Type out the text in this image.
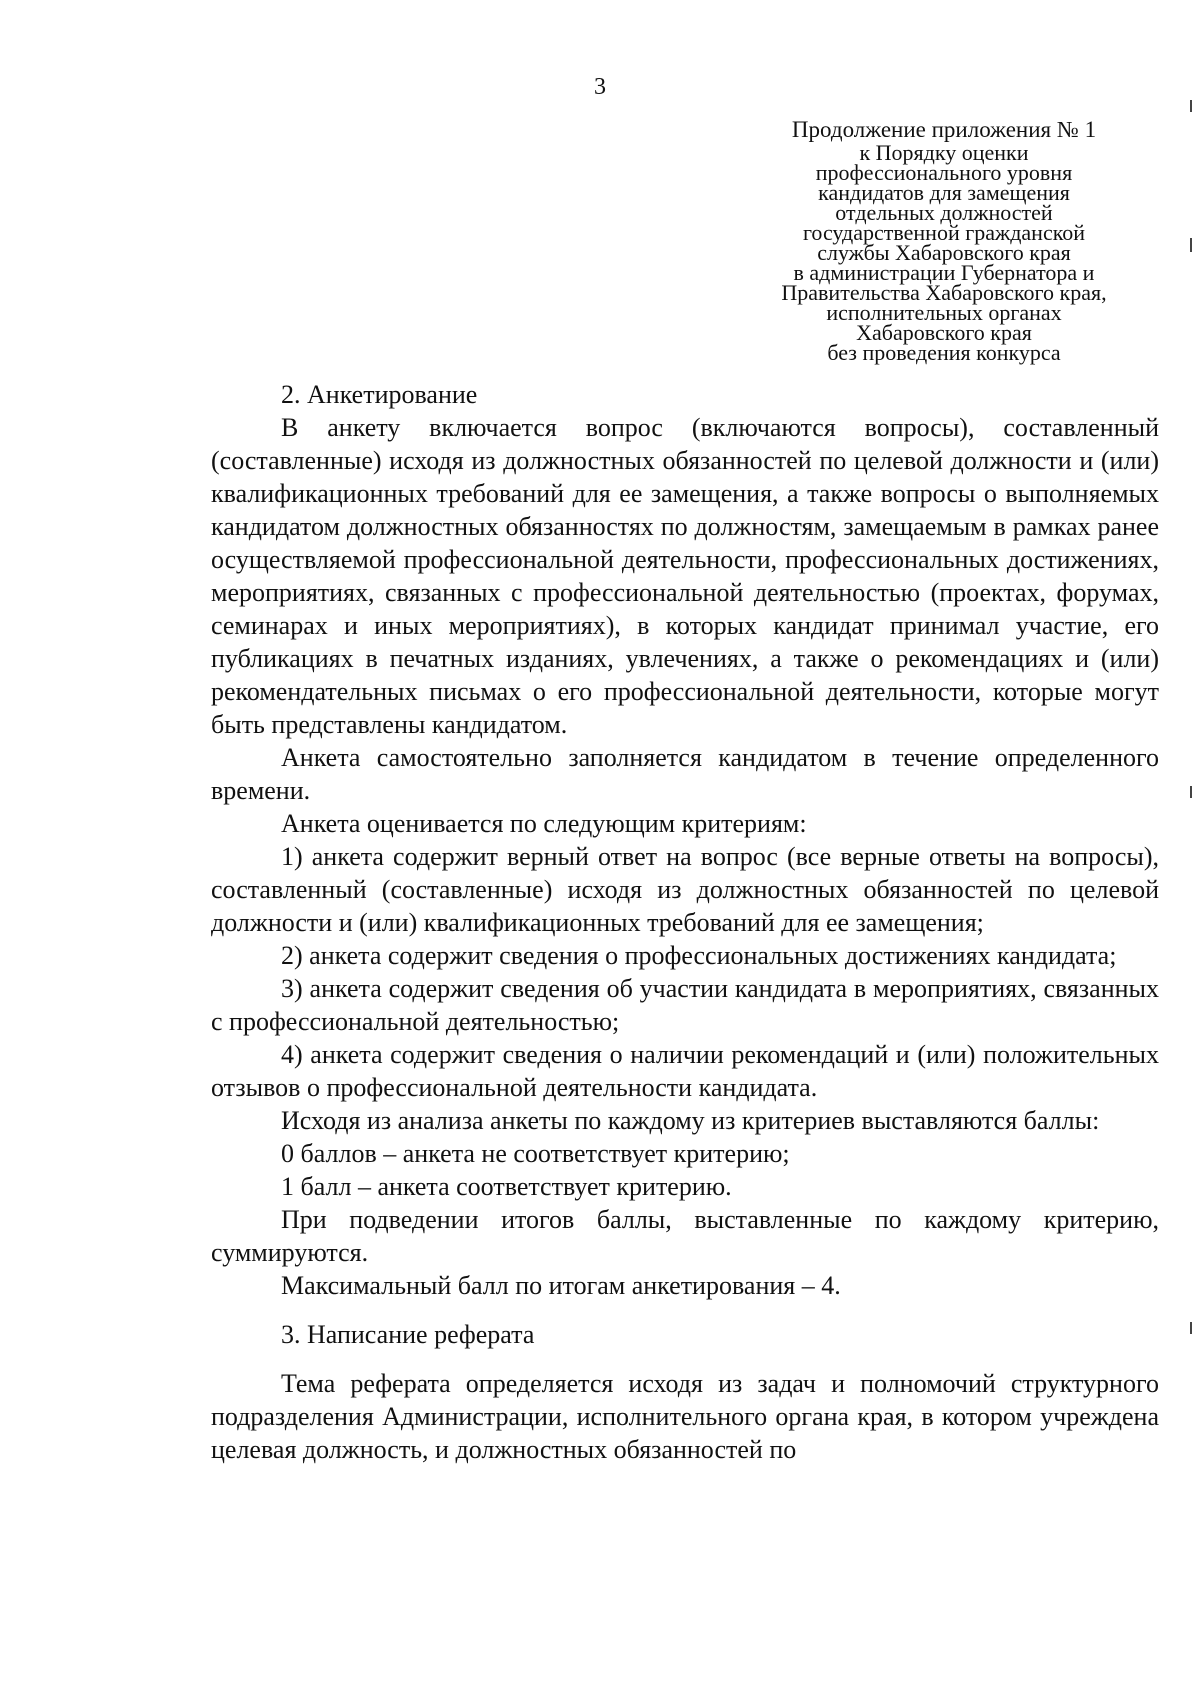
3
Продолжение приложения № 1
к Порядку оценки
профессионального уровня
кандидатов для замещения
отдельных должностей
государственной гражданской
службы Хабаровского края
в администрации Губернатора и
Правительства Хабаровского края,
исполнительных органах
Хабаровского края
без проведения конкурса

2. Анкетирование

В анкету включается вопрос (включаются вопросы), составленный (составленные) исходя из должностных обязанностей по целевой должности и (или) квалификационных требований для ее замещения, а также вопросы о выполняемых кандидатом должностных обязанностях по должностям, замещаемым в рамках ранее осуществляемой профессиональной деятельности, профессиональных достижениях, мероприятиях, связанных с профессиональной деятельностью (проектах, форумах, семинарах и иных мероприятиях), в которых кандидат принимал участие, его публикациях в печатных изданиях, увлечениях, а также о рекомендациях и (или) рекомендательных письмах о его профессиональной деятельности, которые могут быть представлены кандидатом.

Анкета самостоятельно заполняется кандидатом в течение определенного времени.

Анкета оценивается по следующим критериям:

1) анкета содержит верный ответ на вопрос (все верные ответы на вопросы), составленный (составленные) исходя из должностных обязанностей по целевой должности и (или) квалификационных требований для ее замещения;

2) анкета содержит сведения о профессиональных достижениях кандидата;

3) анкета содержит сведения об участии кандидата в мероприятиях, связанных с профессиональной деятельностью;

4) анкета содержит сведения о наличии рекомендаций и (или) положительных отзывов о профессиональной деятельности кандидата.

Исходя из анализа анкеты по каждому из критериев выставляются баллы:

0 баллов – анкета не соответствует критерию;

1 балл – анкета соответствует критерию.

При подведении итогов баллы, выставленные по каждому критерию, суммируются.

Максимальный балл по итогам анкетирования – 4.

3. Написание реферата

Тема реферата определяется исходя из задач и полномочий структурного подразделения Администрации, исполнительного органа края, в котором учреждена целевая должность, и должностных обязанностей по
